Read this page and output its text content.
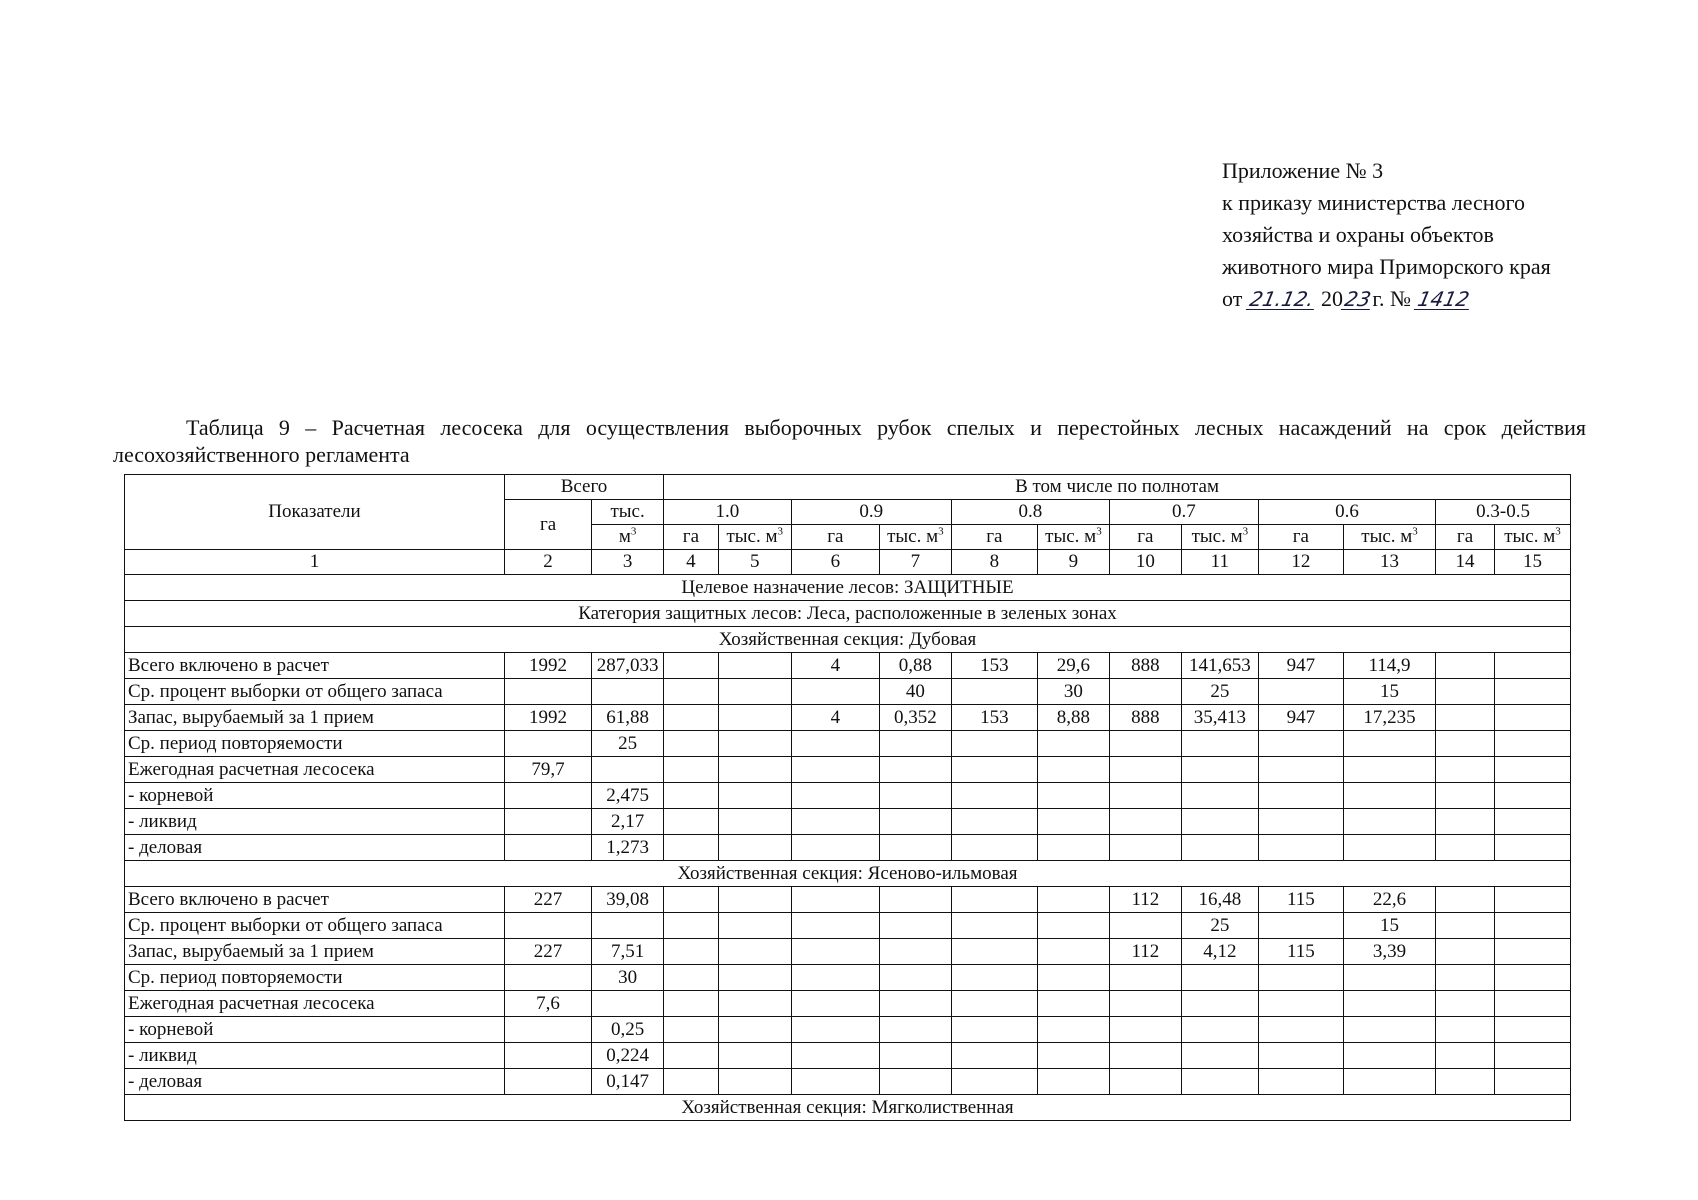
Приложение № 3
к приказу министерства лесного
хозяйства и охраны объектов
животного мира Приморского края
от 21.12. 2023г. № 1412
Таблица 9 – Расчетная лесосека для осуществления выборочных рубок спелых и перестойных лесных насаждений на срок действия
лесохозяйственного регламента
Показатели	Всего		В том числе по полнотам											
	га	тыс.	1.0		0.9		0.8		0.7		0.6		0.3-0.5	
		$м^3$	га	тыс. $м^3$	га	тыс. $м^3$	га	тыс. $м^3$	га	тыс. $м^3$	га	тыс. $м^3$	га	тыс. $м^3$
1	2	3	4	5	6	7	8	9	10	11	12	13	14	15
Целевое назначение лесов: ЗАЩИТНЫЕ														
Категория защитных лесов: Леса, расположенные в зеленых зонах														
Хозяйственная секция: Дубовая														
Всего включено в расчет	1992	287,033			4	0,88	153	29,6	888	141,653	947	114,9		
Ср. процент выборки от общего запаса						40		30		25		15		
Запас, вырубаемый за 1 прием	1992	61,88			4	0,352	153	8,88	888	35,413	947	17,235		
Ср. период повторяемости		25												
Ежегодная расчетная лесосека	79,7													
- корневой		2,475												
- ликвид		2,17												
- деловая		1,273												
Хозяйственная секция: Ясеново-ильмовая														
Всего включено в расчет	227	39,08							112	16,48	115	22,6		
Ср. процент выборки от общего запаса										25		15		
Запас, вырубаемый за 1 прием	227	7,51							112	4,12	115	3,39		
Ср. период повторяемости		30												
Ежегодная расчетная лесосека	7,6													
- корневой		0,25												
- ликвид		0,224												
- деловая		0,147												
Хозяйственная секция: Мягколиственная														
